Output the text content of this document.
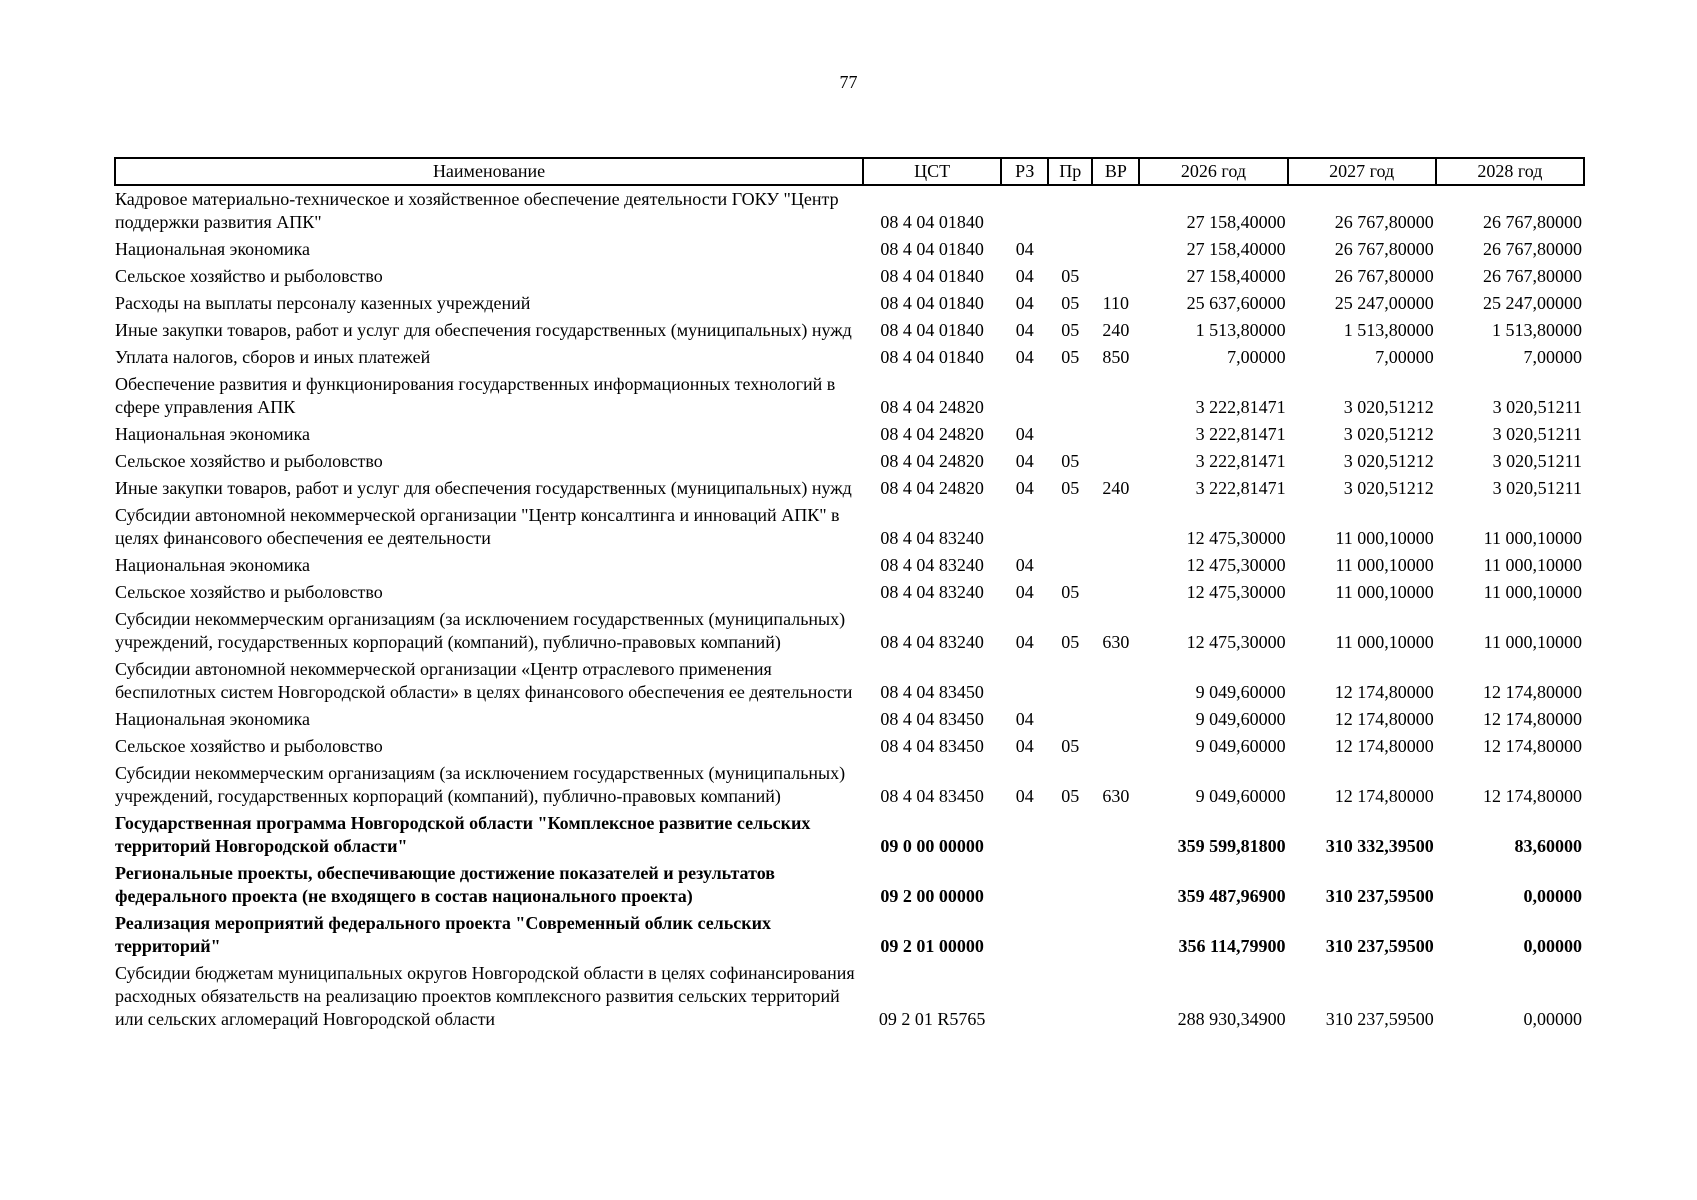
77
Наименование	ЦСТ	РЗ	Пр	ВР	2026 год	2027 год	2028 год
Кадровое материально-техническое и хозяйственное обеспечение деятельности ГОКУ "Центр поддержки развития АПК"	08 4 04 01840				27 158,40000	26 767,80000	26 767,80000
Национальная экономика	08 4 04 01840	04			27 158,40000	26 767,80000	26 767,80000
Сельское хозяйство и рыболовство	08 4 04 01840	04	05		27 158,40000	26 767,80000	26 767,80000
Расходы на выплаты персоналу казенных учреждений	08 4 04 01840	04	05	110	25 637,60000	25 247,00000	25 247,00000
Иные закупки товаров, работ и услуг для обеспечения государственных (муниципальных) нужд	08 4 04 01840	04	05	240	1 513,80000	1 513,80000	1 513,80000
Уплата налогов, сборов и иных платежей	08 4 04 01840	04	05	850	7,00000	7,00000	7,00000
Обеспечение развития и функционирования государственных информационных технологий в сфере управления АПК	08 4 04 24820				3 222,81471	3 020,51212	3 020,51211
Национальная экономика	08 4 04 24820	04			3 222,81471	3 020,51212	3 020,51211
Сельское хозяйство и рыболовство	08 4 04 24820	04	05		3 222,81471	3 020,51212	3 020,51211
Иные закупки товаров, работ и услуг для обеспечения государственных (муниципальных) нужд	08 4 04 24820	04	05	240	3 222,81471	3 020,51212	3 020,51211
Субсидии автономной некоммерческой организации "Центр консалтинга и инноваций АПК" в целях финансового обеспечения ее деятельности	08 4 04 83240				12 475,30000	11 000,10000	11 000,10000
Национальная экономика	08 4 04 83240	04			12 475,30000	11 000,10000	11 000,10000
Сельское хозяйство и рыболовство	08 4 04 83240	04	05		12 475,30000	11 000,10000	11 000,10000
Субсидии некоммерческим организациям (за исключением государственных (муниципальных) учреждений, государственных корпораций (компаний), публично-правовых компаний)	08 4 04 83240	04	05	630	12 475,30000	11 000,10000	11 000,10000
Субсидии автономной некоммерческой организации «Центр отраслевого применения беспилотных систем Новгородской области» в целях финансового обеспечения ее деятельности	08 4 04 83450				9 049,60000	12 174,80000	12 174,80000
Национальная экономика	08 4 04 83450	04			9 049,60000	12 174,80000	12 174,80000
Сельское хозяйство и рыболовство	08 4 04 83450	04	05		9 049,60000	12 174,80000	12 174,80000
Субсидии некоммерческим организациям (за исключением государственных (муниципальных) учреждений, государственных корпораций (компаний), публично-правовых компаний)	08 4 04 83450	04	05	630	9 049,60000	12 174,80000	12 174,80000
Государственная программа Новгородской области "Комплексное развитие сельских территорий Новгородской области"	09 0 00 00000				359 599,81800	310 332,39500	83,60000
Региональные проекты, обеспечивающие достижение показателей и результатов федерального проекта (не входящего в состав национального проекта)	09 2 00 00000				359 487,96900	310 237,59500	0,00000
Реализация мероприятий федерального проекта "Современный облик сельских территорий"	09 2 01 00000				356 114,79900	310 237,59500	0,00000
Субсидии бюджетам муниципальных округов Новгородской области в целях софинансирования расходных обязательств на реализацию проектов комплексного развития сельских территорий или сельских агломераций Новгородской области	09 2 01 R5765				288 930,34900	310 237,59500	0,00000
